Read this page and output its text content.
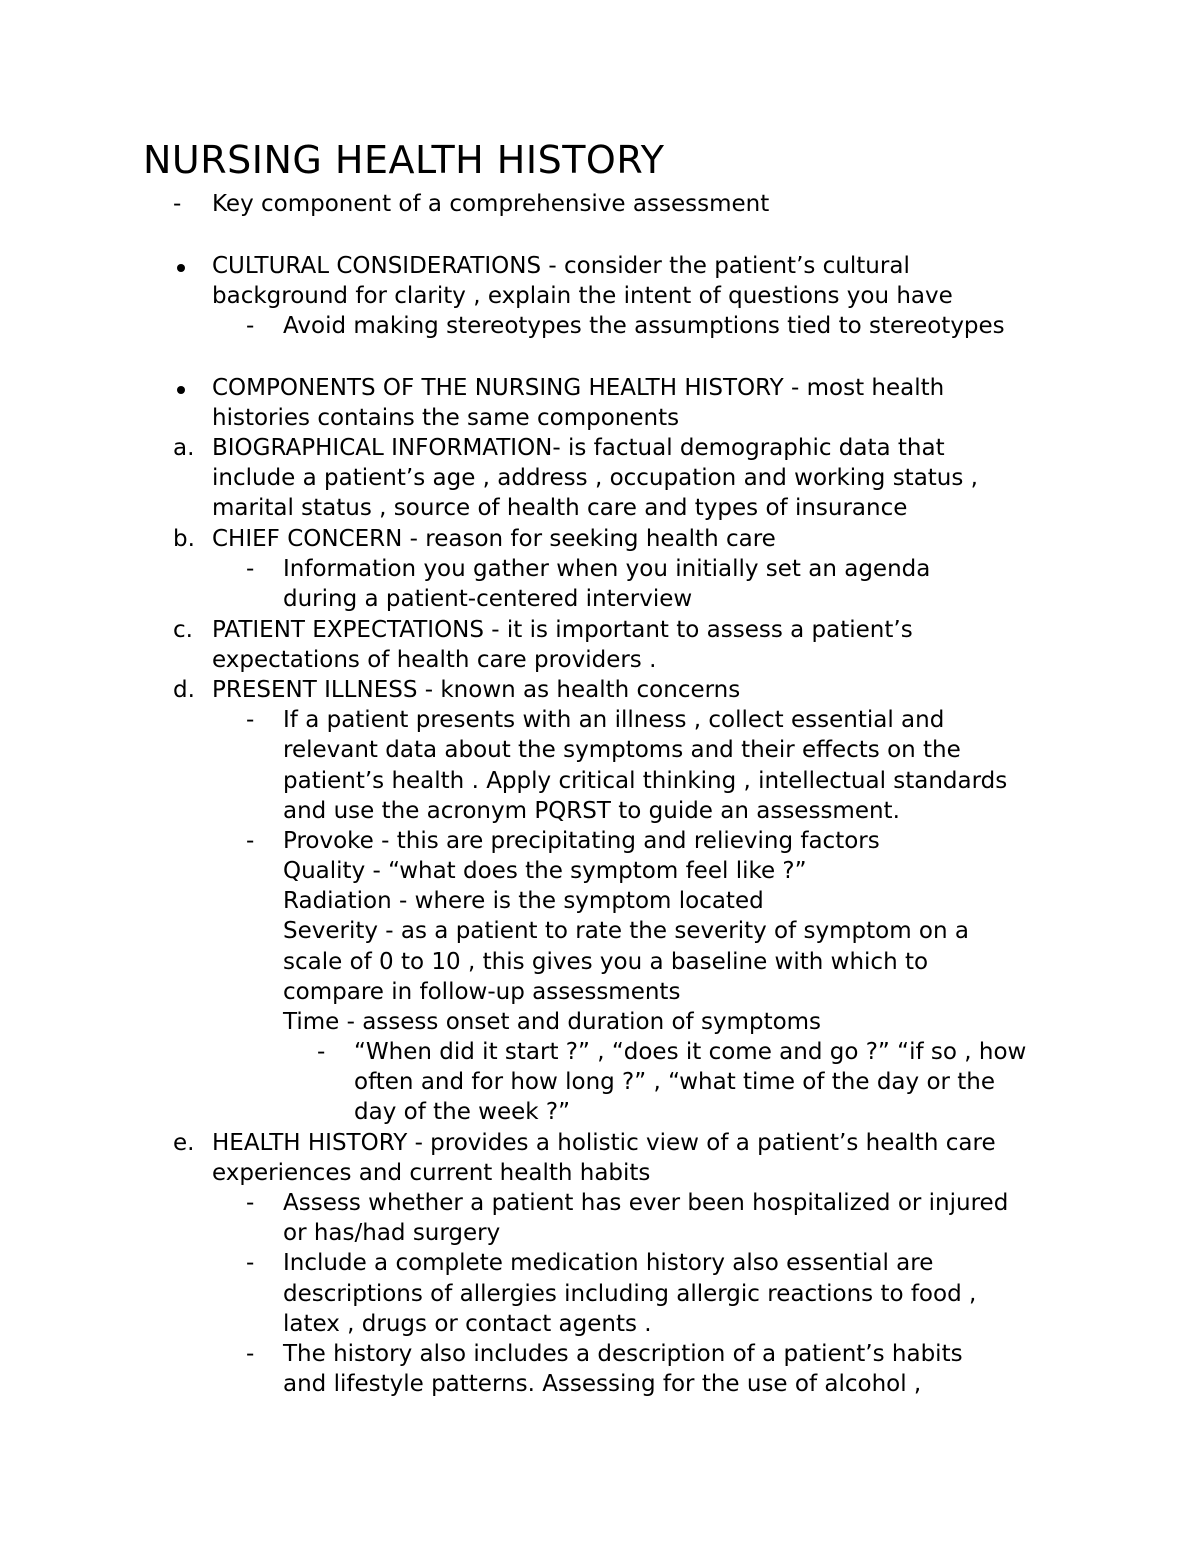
NURSING HEALTH HISTORY
- Key component of a comprehensive assessment
CULTURAL CONSIDERATIONS - consider the patient’s cultural
background for clarity , explain the intent of questions you have
- Avoid making stereotypes the assumptions tied to stereotypes
COMPONENTS OF THE NURSING HEALTH HISTORY - most health
histories contains the same components
a. BIOGRAPHICAL INFORMATION- is factual demographic data that
include a patient’s age , address , occupation and working status ,
marital status , source of health care and types of insurance
b. CHIEF CONCERN - reason for seeking health care
- Information you gather when you initially set an agenda
during a patient-centered interview
c. PATIENT EXPECTATIONS - it is important to assess a patient’s
expectations of health care providers .
d. PRESENT ILLNESS - known as health concerns
- If a patient presents with an illness , collect essential and
relevant data about the symptoms and their effects on the
patient’s health . Apply critical thinking , intellectual standards
and use the acronym PQRST to guide an assessment.
- Provoke - this are precipitating and relieving factors
Quality - “what does the symptom feel like ?”
Radiation - where is the symptom located
Severity - as a patient to rate the severity of symptom on a
scale of 0 to 10 , this gives you a baseline with which to
compare in follow-up assessments
Time - assess onset and duration of symptoms
- “When did it start ?” , “does it come and go ?” “if so , how
often and for how long ?” , “what time of the day or the
day of the week ?”
e. HEALTH HISTORY - provides a holistic view of a patient’s health care
experiences and current health habits
- Assess whether a patient has ever been hospitalized or injured
or has/had surgery
- Include a complete medication history also essential are
descriptions of allergies including allergic reactions to food ,
latex , drugs or contact agents .
- The history also includes a description of a patient’s habits
and lifestyle patterns. Assessing for the use of alcohol ,
